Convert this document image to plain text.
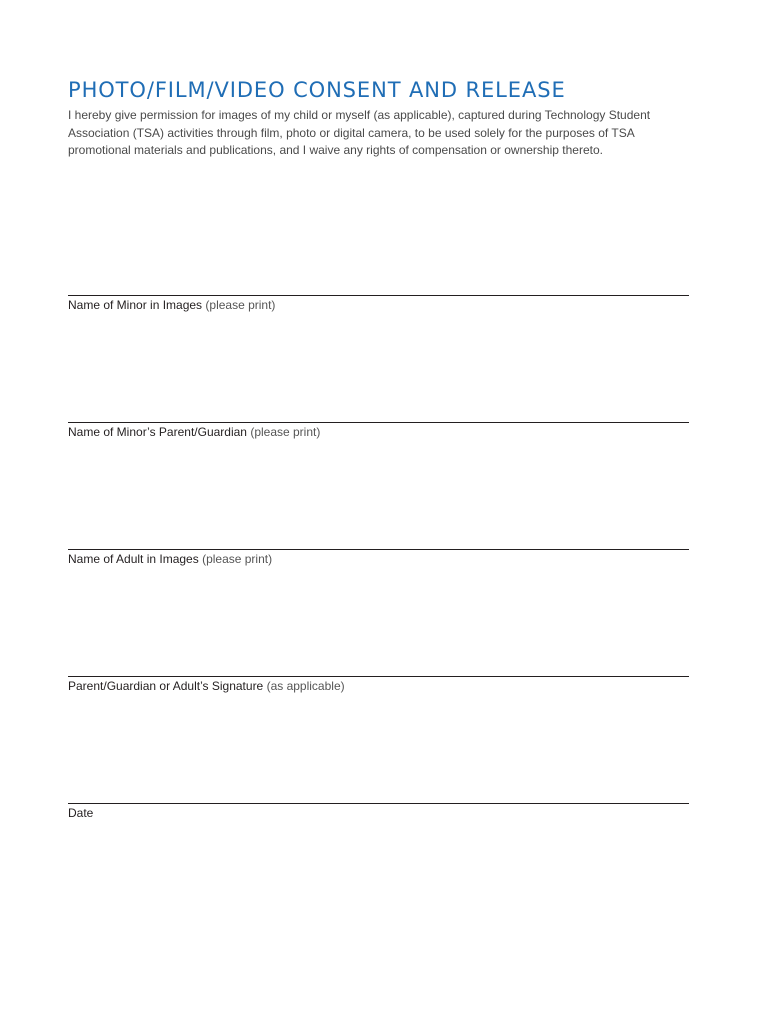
PHOTO/FILM/VIDEO CONSENT AND RELEASE

I hereby give permission for images of my child or myself (as applicable), captured during Technology Student Association (TSA) activities through film, photo or digital camera, to be used solely for the purposes of TSA promotional materials and publications, and I waive any rights of compensation or ownership thereto.

Name of Minor in Images (please print)
Name of Minor’s Parent/Guardian (please print)
Name of Adult in Images (please print)
Parent/Guardian or Adult’s Signature (as applicable)
Date
